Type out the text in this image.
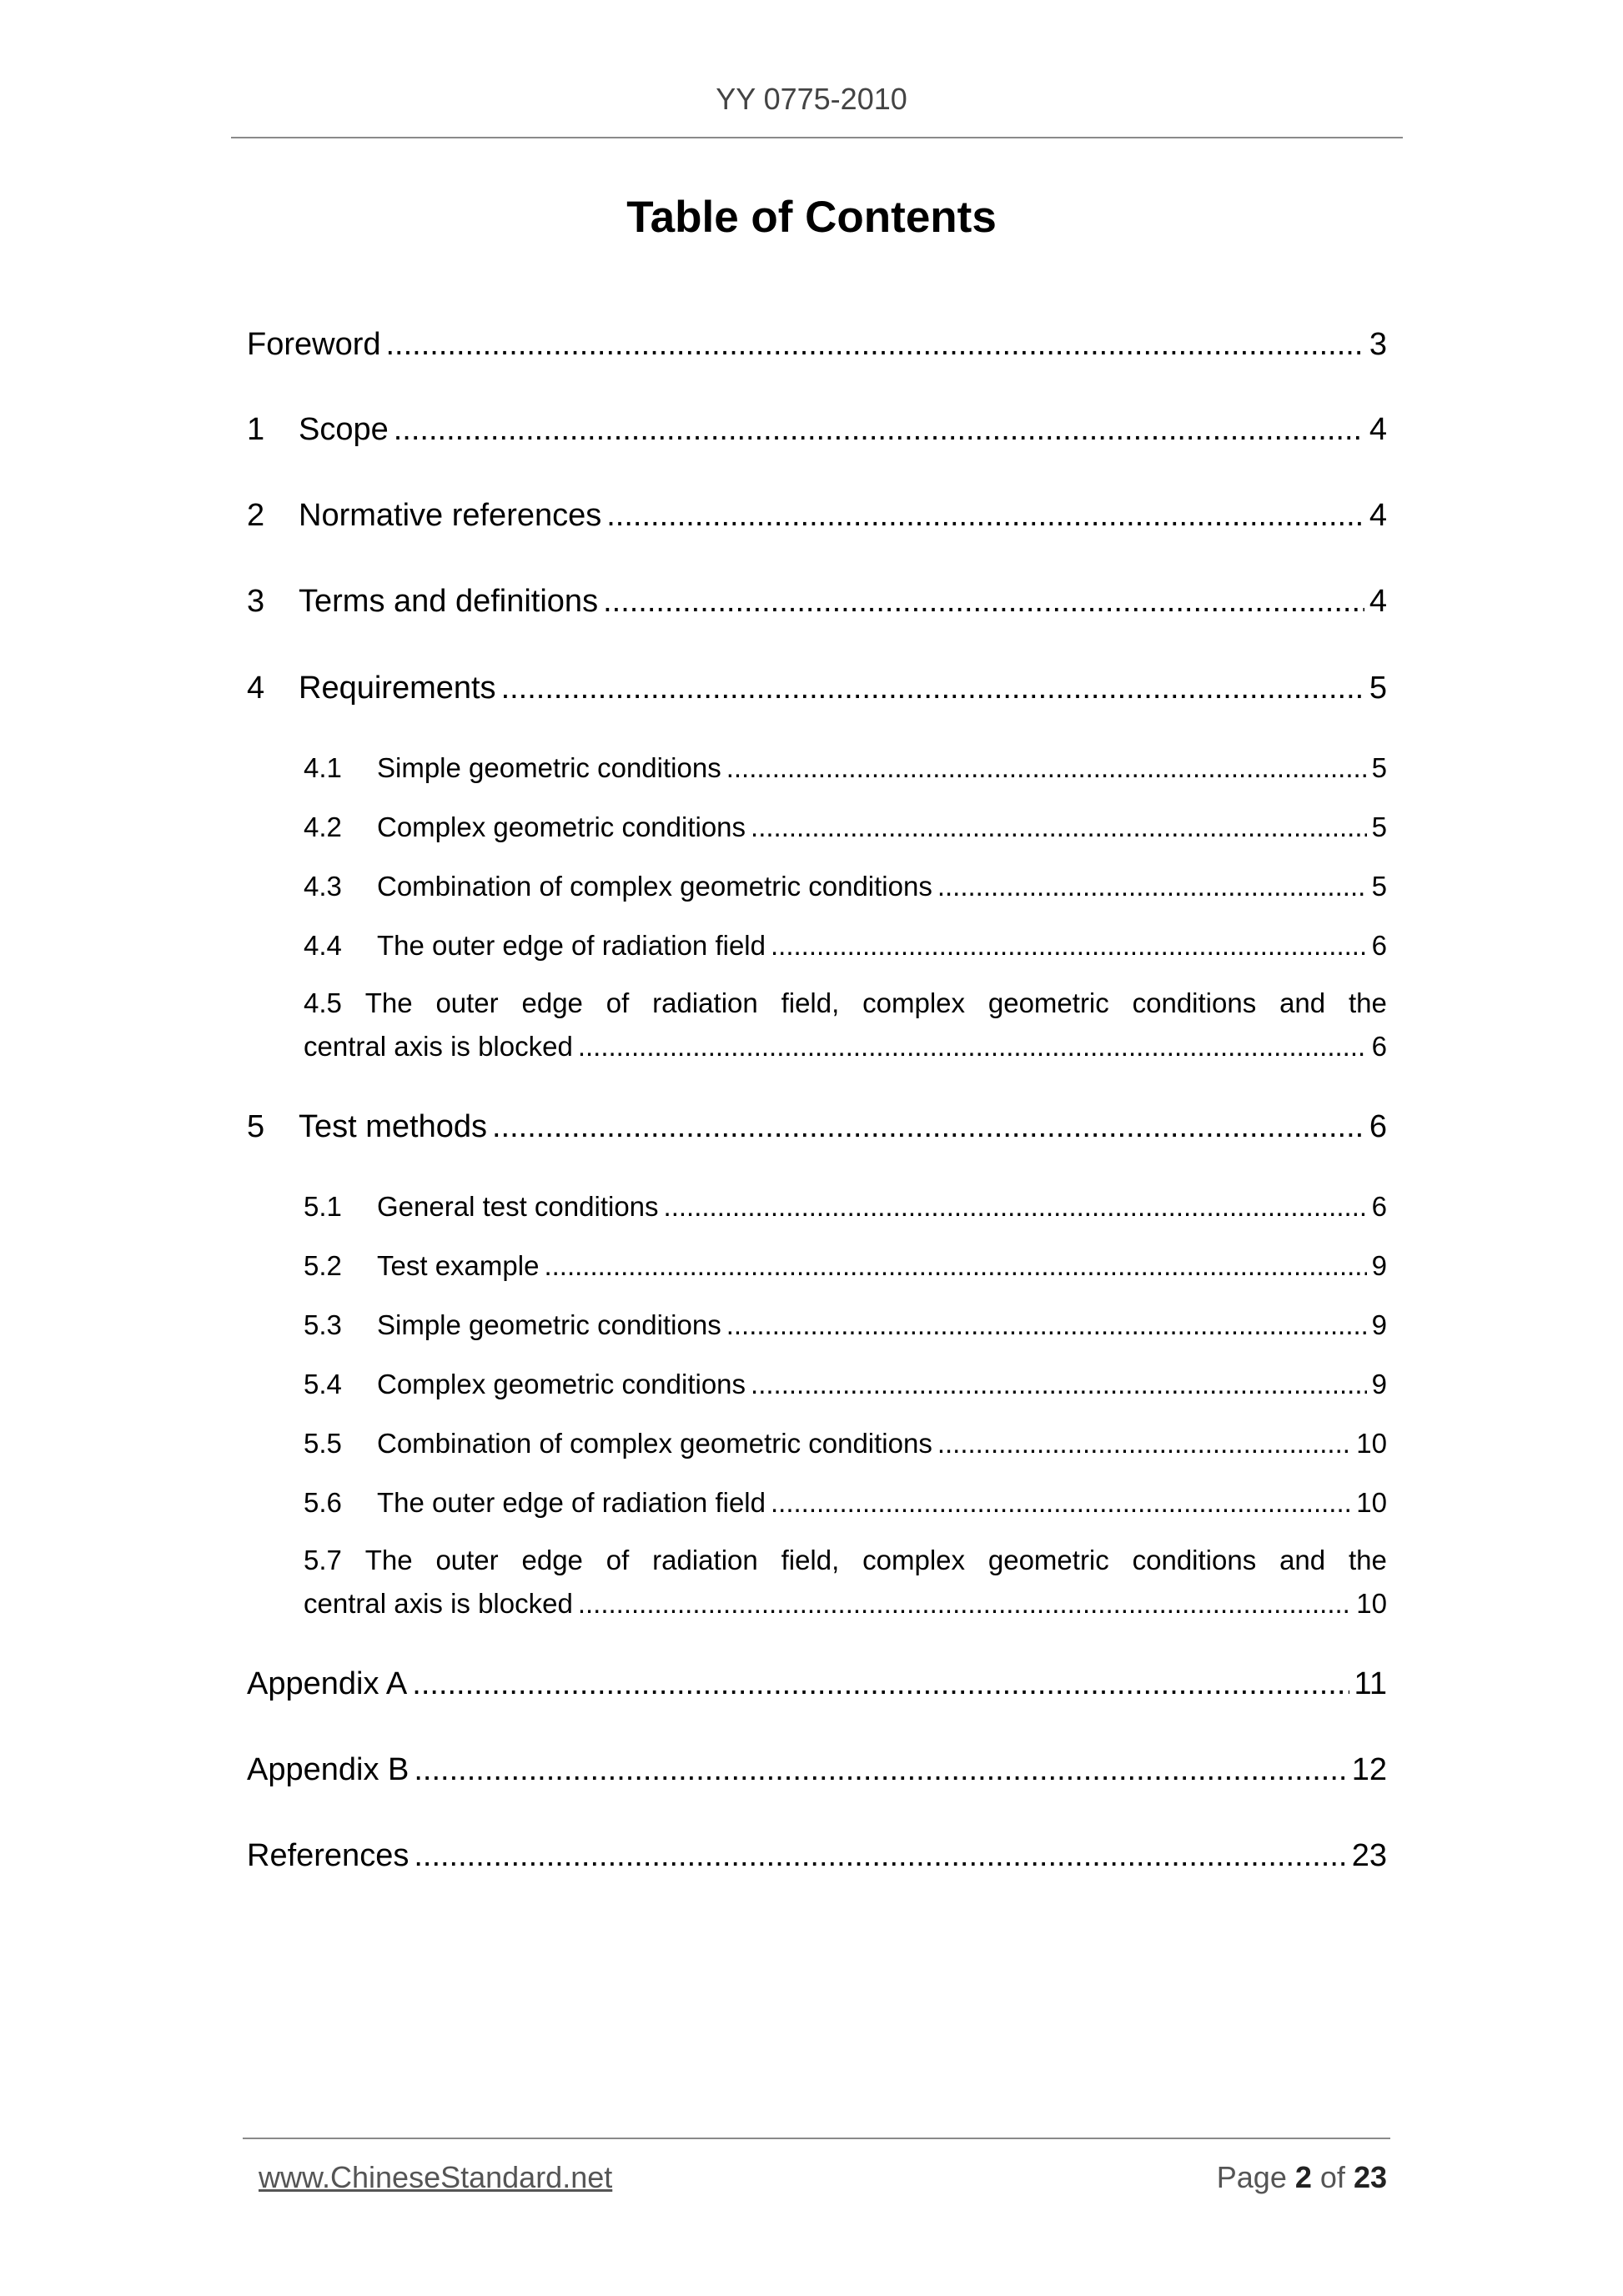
YY 0775-2010
Table of Contents
Foreword .....	3
1	Scope .....	4
2	Normative references .....	4
3	Terms and definitions .....	4
4	Requirements .....	5
4.1	Simple geometric conditions .....	5
4.2	Complex geometric conditions .....	5
4.3	Combination of complex geometric conditions .....	5
4.4	The outer edge of radiation field .....	6
4.5 The outer edge of radiation field, complex geometric conditions and the
central axis is blocked .....	6
5	Test methods .....	6
5.1	General test conditions .....	6
5.2	Test example .....	9
5.3	Simple geometric conditions .....	9
5.4	Complex geometric conditions .....	9
5.5	Combination of complex geometric conditions .....	10
5.6	The outer edge of radiation field .....	10
5.7 The outer edge of radiation field, complex geometric conditions and the
central axis is blocked .....	10
Appendix A .....	11
Appendix B .....	12
References .....	23
www.ChineseStandard.net	Page 2 of 23
